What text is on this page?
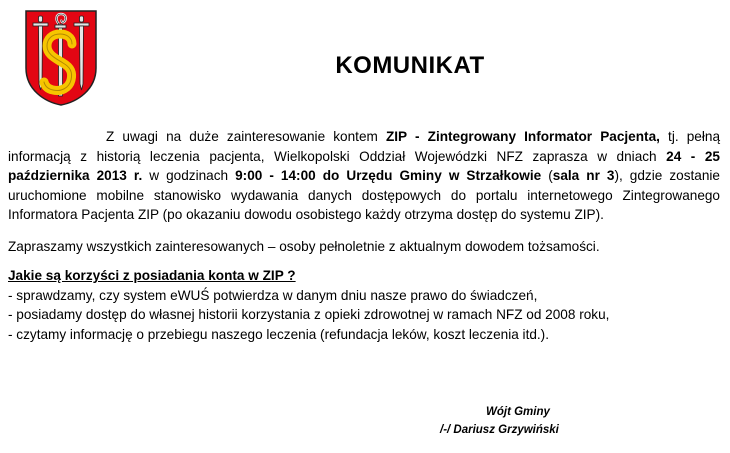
KOMUNIKAT

Z uwagi na duże zainteresowanie kontem ZIP - Zintegrowany Informator Pacjenta, tj. pełną informacją z historią leczenia pacjenta, Wielkopolski Oddział Wojewódzki NFZ zaprasza w dniach 24 - 25 października 2013 r. w godzinach 9:00 - 14:00 do Urzędu Gminy w Strzałkowie (sala nr 3), gdzie zostanie uruchomione mobilne stanowisko wydawania danych dostępowych do portalu internetowego Zintegrowanego Informatora Pacjenta ZIP (po okazaniu dowodu osobistego każdy otrzyma dostęp do systemu ZIP).

Zapraszamy wszystkich zainteresowanych – osoby pełnoletnie z aktualnym dowodem tożsamości.

Jakie są korzyści z posiadania konta w ZIP ?
- sprawdzamy, czy system eWUŚ potwierdza w danym dniu nasze prawo do świadczeń,
- posiadamy dostęp do własnej historii korzystania z opieki zdrowotnej w ramach NFZ od 2008 roku,
- czytamy informację o przebiegu naszego leczenia (refundacja leków, koszt leczenia itd.).
Wójt Gminy
/-/ Dariusz Grzywiński
